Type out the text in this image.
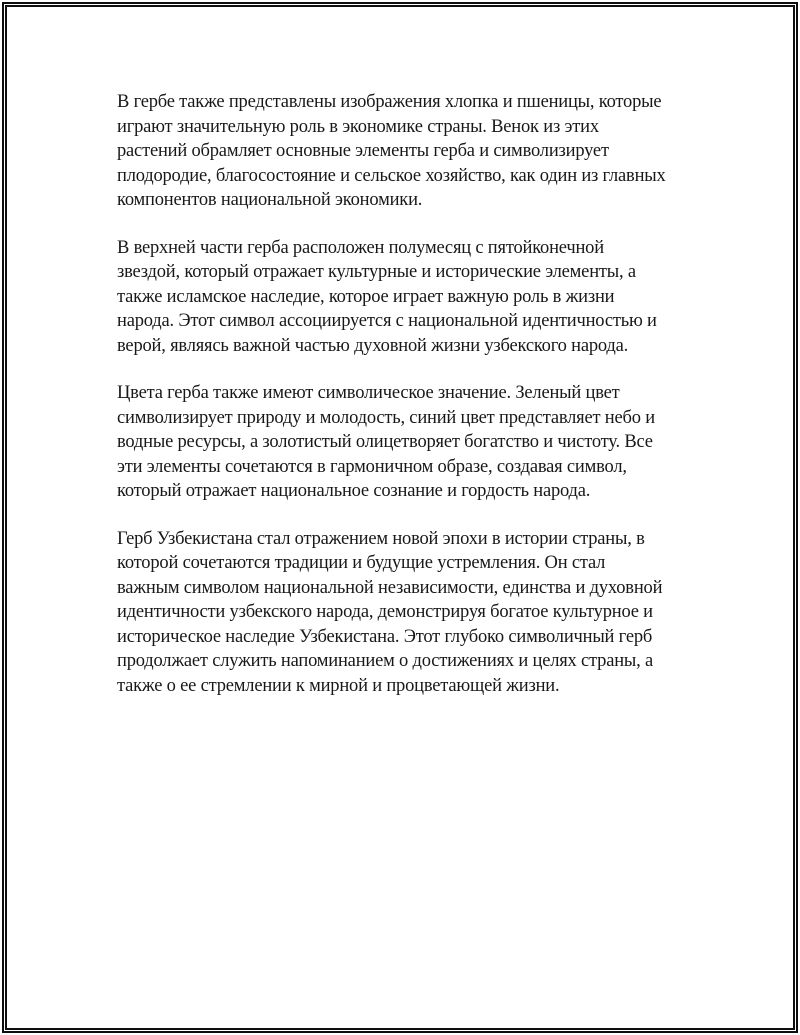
В гербе также представлены изображения хлопка и пшеницы, которые
играют значительную роль в экономике страны. Венок из этих
растений обрамляет основные элементы герба и символизирует
плодородие, благосостояние и сельское хозяйство, как один из главных
компонентов национальной экономики.

В верхней части герба расположен полумесяц с пятойконечной
звездой, который отражает культурные и исторические элементы, а
также исламское наследие, которое играет важную роль в жизни
народа. Этот символ ассоциируется с национальной идентичностью и
верой, являясь важной частью духовной жизни узбекского народа.

Цвета герба также имеют символическое значение. Зеленый цвет
символизирует природу и молодость, синий цвет представляет небо и
водные ресурсы, а золотистый олицетворяет богатство и чистоту. Все
эти элементы сочетаются в гармоничном образе, создавая символ,
который отражает национальное сознание и гордость народа.

Герб Узбекистана стал отражением новой эпохи в истории страны, в
которой сочетаются традиции и будущие устремления. Он стал
важным символом национальной независимости, единства и духовной
идентичности узбекского народа, демонстрируя богатое культурное и
историческое наследие Узбекистана. Этот глубоко символичный герб
продолжает служить напоминанием о достижениях и целях страны, а
также о ее стремлении к мирной и процветающей жизни.
